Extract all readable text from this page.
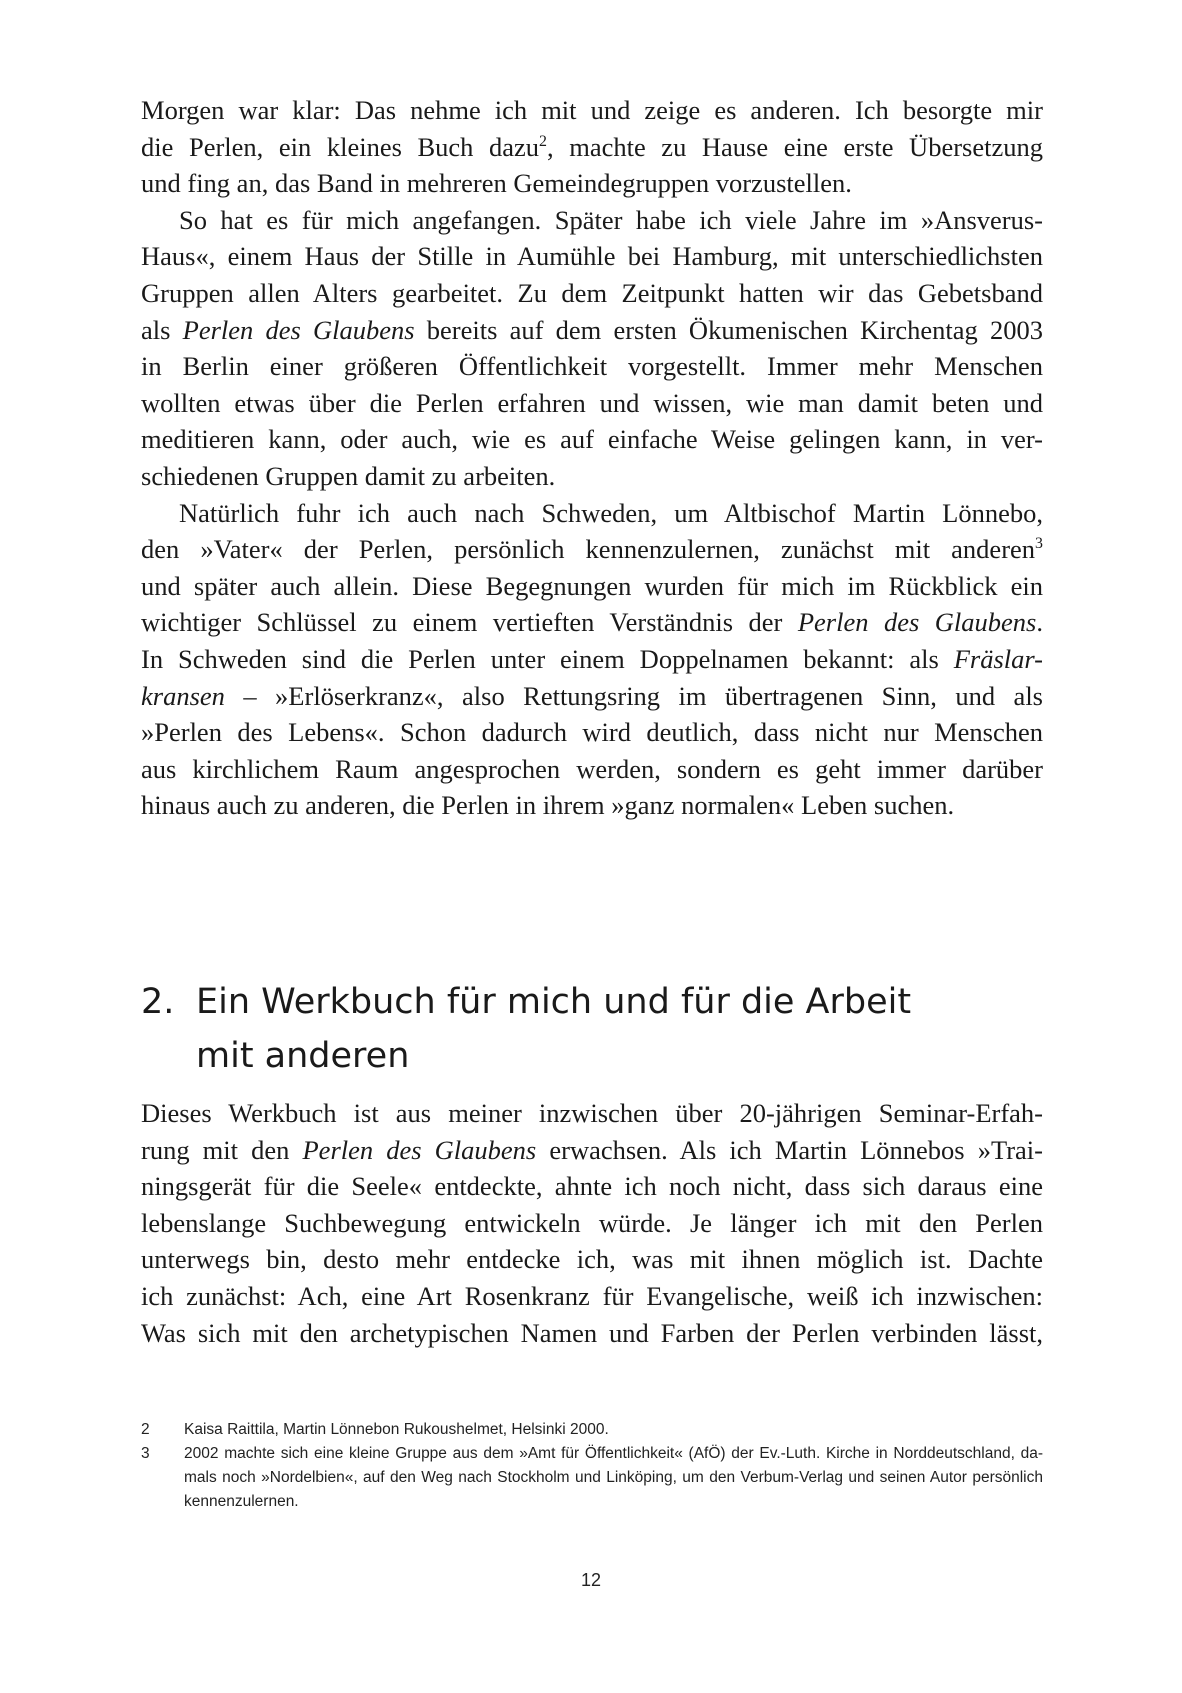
Morgen war klar: Das nehme ich mit und zeige es anderen. Ich besorgte mir
die Perlen, ein kleines Buch dazu$^2$, machte zu Hause eine erste Übersetzung
und fing an, das Band in mehreren Gemeindegruppen vorzustellen.

So hat es für mich angefangen. Später habe ich viele Jahre im »Ansverus-
Haus«, einem Haus der Stille in Aumühle bei Hamburg, mit unterschiedlichsten
Gruppen allen Alters gearbeitet. Zu dem Zeitpunkt hatten wir das Gebetsband
als Perlen des Glaubens bereits auf dem ersten Ökumenischen Kirchentag 2003
in Berlin einer größeren Öffentlichkeit vorgestellt. Immer mehr Menschen
wollten etwas über die Perlen erfahren und wissen, wie man damit beten und
meditieren kann, oder auch, wie es auf einfache Weise gelingen kann, in ver-
schiedenen Gruppen damit zu arbeiten.

Natürlich fuhr ich auch nach Schweden, um Altbischof Martin Lönnebo,
den »Vater« der Perlen, persönlich kennenzulernen, zunächst mit anderen$^3$
und später auch allein. Diese Begegnungen wurden für mich im Rückblick ein
wichtiger Schlüssel zu einem vertieften Verständnis der Perlen des Glaubens.
In Schweden sind die Perlen unter einem Doppelnamen bekannt: als Fräslar-
kransen – »Erlöserkranz«, also Rettungsring im übertragenen Sinn, und als
»Perlen des Lebens«. Schon dadurch wird deutlich, dass nicht nur Menschen
aus kirchlichem Raum angesprochen werden, sondern es geht immer darüber
hinaus auch zu anderen, die Perlen in ihrem »ganz normalen« Leben suchen.

2. Ein Werkbuch für mich und für die Arbeit
mit anderen

Dieses Werkbuch ist aus meiner inzwischen über 20-jährigen Seminar-Erfah-
rung mit den Perlen des Glaubens erwachsen. Als ich Martin Lönnebos »Trai-
ningsgerät für die Seele« entdeckte, ahnte ich noch nicht, dass sich daraus eine
lebenslange Suchbewegung entwickeln würde. Je länger ich mit den Perlen
unterwegs bin, desto mehr entdecke ich, was mit ihnen möglich ist. Dachte
ich zunächst: Ach, eine Art Rosenkranz für Evangelische, weiß ich inzwischen:
Was sich mit den archetypischen Namen und Farben der Perlen verbinden lässt,

2 Kaisa Raittila, Martin Lönnebon Rukoushelmet, Helsinki 2000.
3 2002 machte sich eine kleine Gruppe aus dem »Amt für Öffentlichkeit« (AfÖ) der Ev.-Luth. Kirche in Norddeutschland, da-
mals noch »Nordelbien«, auf den Weg nach Stockholm und Linköping, um den Verbum-Verlag und seinen Autor persönlich
kennenzulernen.
12
